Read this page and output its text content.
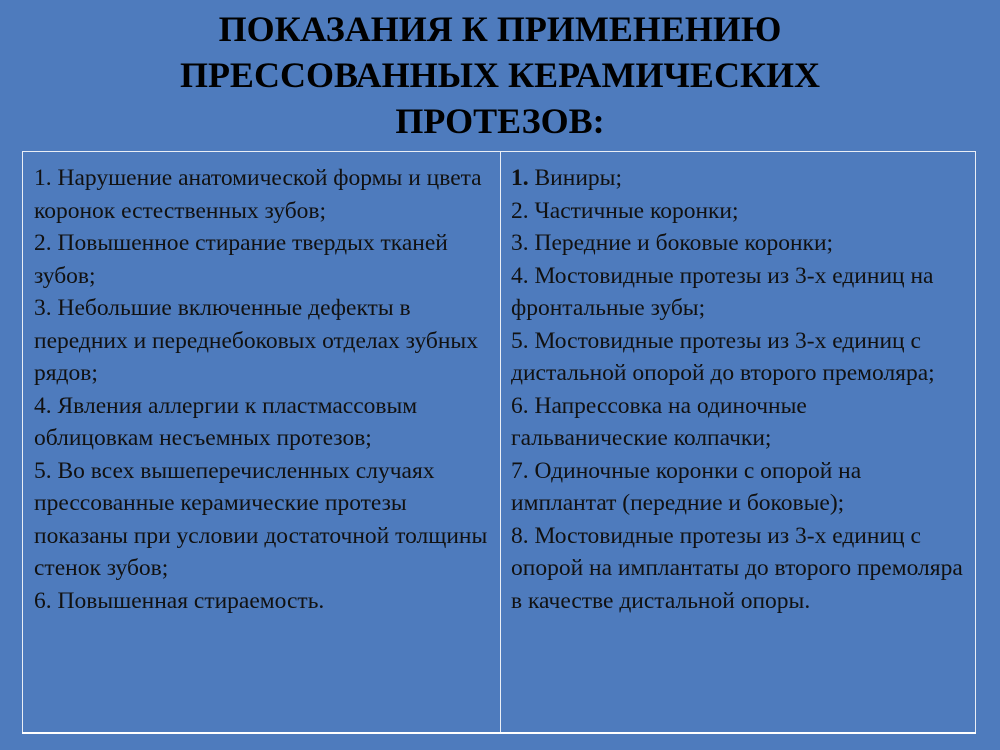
ПОКАЗАНИЯ К ПРИМЕНЕНИЮ
ПРЕССОВАННЫХ КЕРАМИЧЕСКИХ
ПРОТЕЗОВ:
1. Нарушение анатомической формы и цвета коронок естественных зубов;
2. Повышенное стирание твердых тканей зубов;
3. Небольшие включенные дефекты в передних и переднебоковых отделах зубных рядов;
4. Явления аллергии к пластмассовым облицовкам несъемных протезов;
5. Во всех вышеперечисленных случаях прессованные керамические протезы показаны при условии достаточной толщины стенок зубов;
6. Повышенная стираемость.
1. Виниры;
2. Частичные коронки;
3. Передние и боковые коронки;
4. Мостовидные протезы из 3-х единиц на фронтальные зубы;
5. Мостовидные протезы из 3-х единиц с дистальной опорой до второго премоляра;
6. Напрессовка на одиночные гальванические колпачки;
7. Одиночные коронки с опорой на имплантат (передние и боковые);
8. Мостовидные протезы из 3-х единиц с опорой на имплантаты до второго премоляра в качестве дистальной опоры.
